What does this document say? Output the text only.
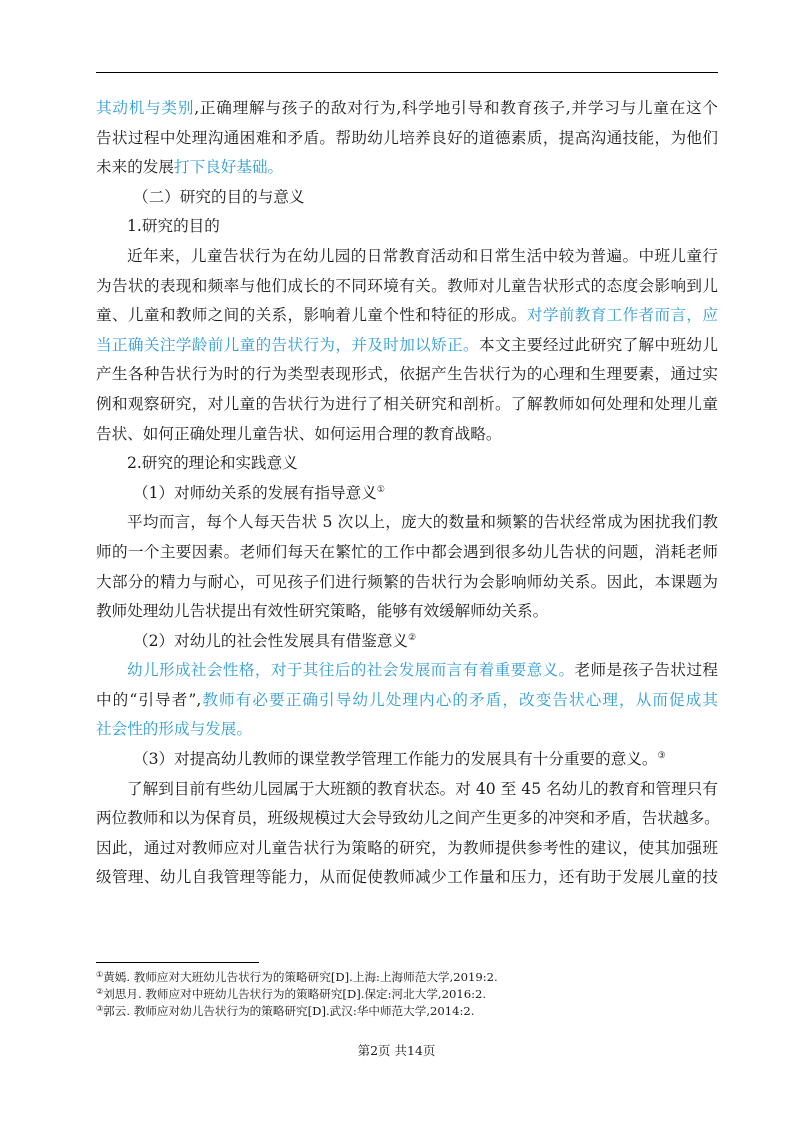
其动机与类别,正确理解与孩子的敌对行为,科学地引导和教育孩子,并学习与儿童在这个
告状过程中处理沟通困难和矛盾。帮助幼儿培养良好的道德素质，提高沟通技能，为他们
未来的发展打下良好基础。
（二）研究的目的与意义
1.研究的目的
近年来，儿童告状行为在幼儿园的日常教育活动和日常生活中较为普遍。中班儿童行
为告状的表现和频率与他们成长的不同环境有关。教师对儿童告状形式的态度会影响到儿
童、儿童和教师之间的关系，影响着儿童个性和特征的形成。对学前教育工作者而言，应
当正确关注学龄前儿童的告状行为，并及时加以矫正。本文主要经过此研究了解中班幼儿
产生各种告状行为时的行为类型表现形式，依据产生告状行为的心理和生理要素，通过实
例和观察研究，对儿童的告状行为进行了相关研究和剖析。了解教师如何处理和处理儿童
告状、如何正确处理儿童告状、如何运用合理的教育战略。
2.研究的理论和实践意义
（1）对师幼关系的发展有指导意义①
平均而言，每个人每天告状 5 次以上，庞大的数量和频繁的告状经常成为困扰我们教
师的一个主要因素。老师们每天在繁忙的工作中都会遇到很多幼儿告状的问题，消耗老师
大部分的精力与耐心，可见孩子们进行频繁的告状行为会影响师幼关系。因此，本课题为
教师处理幼儿告状提出有效性研究策略，能够有效缓解师幼关系。
（2）对幼儿的社会性发展具有借鉴意义②
幼儿形成社会性格，对于其往后的社会发展而言有着重要意义。老师是孩子告状过程
中的“引导者”,教师有必要正确引导幼儿处理内心的矛盾，改变告状心理，从而促成其
社会性的形成与发展。
（3）对提高幼儿教师的课堂教学管理工作能力的发展具有十分重要的意义。③
了解到目前有些幼儿园属于大班额的教育状态。对 40 至 45 名幼儿的教育和管理只有
两位教师和以为保育员，班级规模过大会导致幼儿之间产生更多的冲突和矛盾，告状越多。
因此，通过对教师应对儿童告状行为策略的研究，为教师提供参考性的建议，使其加强班
级管理、幼儿自我管理等能力，从而促使教师减少工作量和压力，还有助于发展儿童的技
①黄嫣. 教师应对大班幼儿告状行为的策略研究[D].上海:上海师范大学,2019:2.
②刘思月. 教师应对中班幼儿告状行为的策略研究[D].保定:河北大学,2016:2.
③郭云. 教师应对幼儿告状行为的策略研究[D].武汉:华中师范大学,2014:2.
第2页 共14页
